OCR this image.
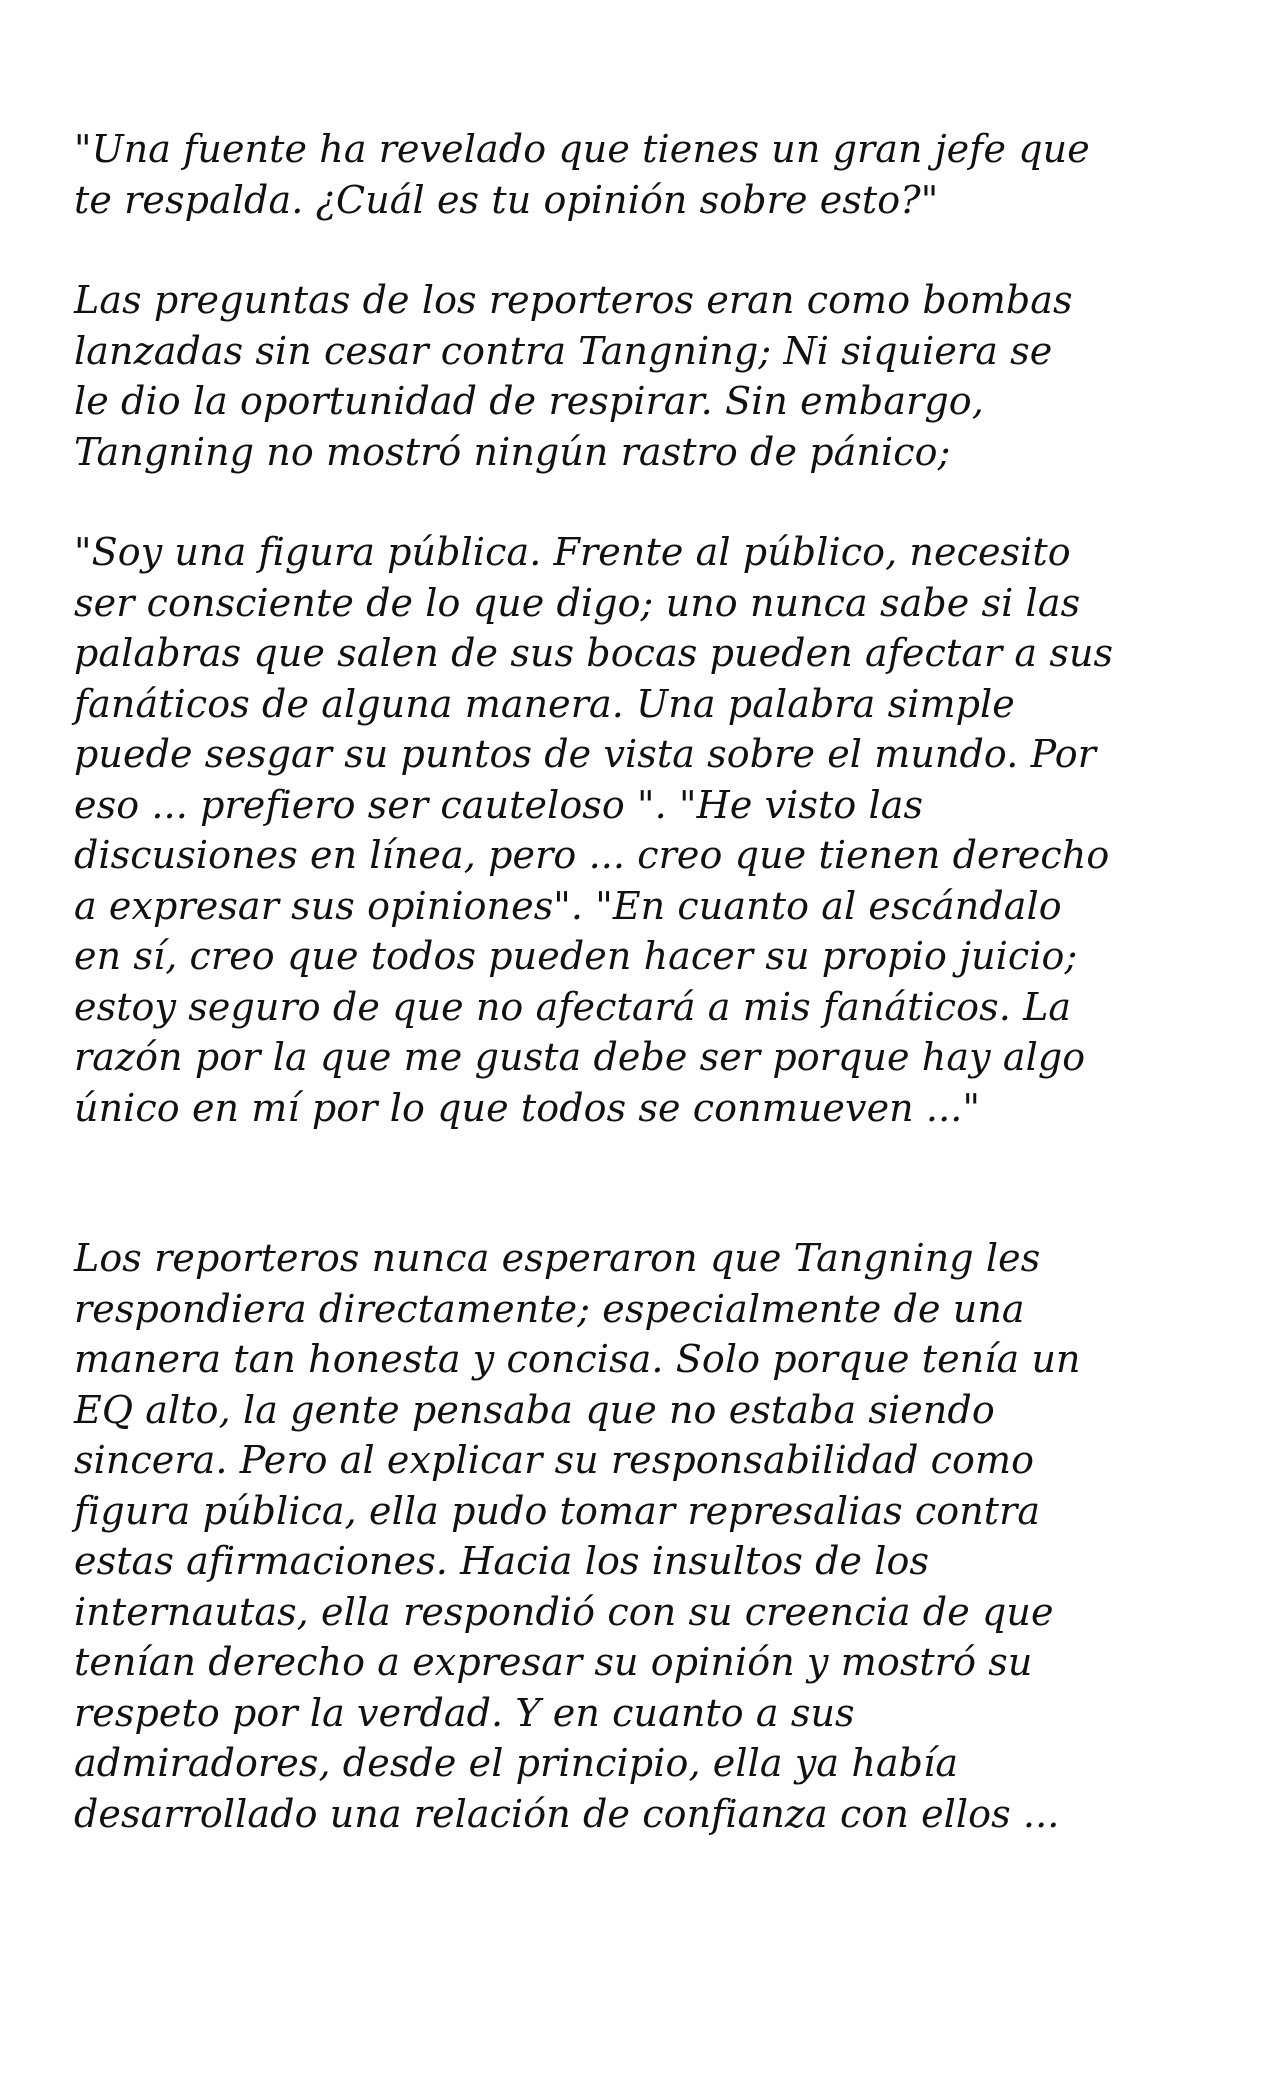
"Una fuente ha revelado que tienes un gran jefe que
te respalda. ¿Cuál es tu opinión sobre esto?"

Las preguntas de los reporteros eran como bombas
lanzadas sin cesar contra Tangning; Ni siquiera se
le dio la oportunidad de respirar. Sin embargo,
Tangning no mostró ningún rastro de pánico;

"Soy una figura pública. Frente al público, necesito
ser consciente de lo que digo; uno nunca sabe si las
palabras que salen de sus bocas pueden afectar a sus
fanáticos de alguna manera. Una palabra simple
puede sesgar su puntos de vista sobre el mundo. Por
eso ... prefiero ser cauteloso ". "He visto las
discusiones en línea, pero ... creo que tienen derecho
a expresar sus opiniones". "En cuanto al escándalo
en sí, creo que todos pueden hacer su propio juicio;
estoy seguro de que no afectará a mis fanáticos. La
razón por la que me gusta debe ser porque hay algo
único en mí por lo que todos se conmueven ..."

Los reporteros nunca esperaron que Tangning les
respondiera directamente; especialmente de una
manera tan honesta y concisa. Solo porque tenía un
EQ alto, la gente pensaba que no estaba siendo
sincera. Pero al explicar su responsabilidad como
figura pública, ella pudo tomar represalias contra
estas afirmaciones. Hacia los insultos de los
internautas, ella respondió con su creencia de que
tenían derecho a expresar su opinión y mostró su
respeto por la verdad. Y en cuanto a sus
admiradores, desde el principio, ella ya había
desarrollado una relación de confianza con ellos ...
